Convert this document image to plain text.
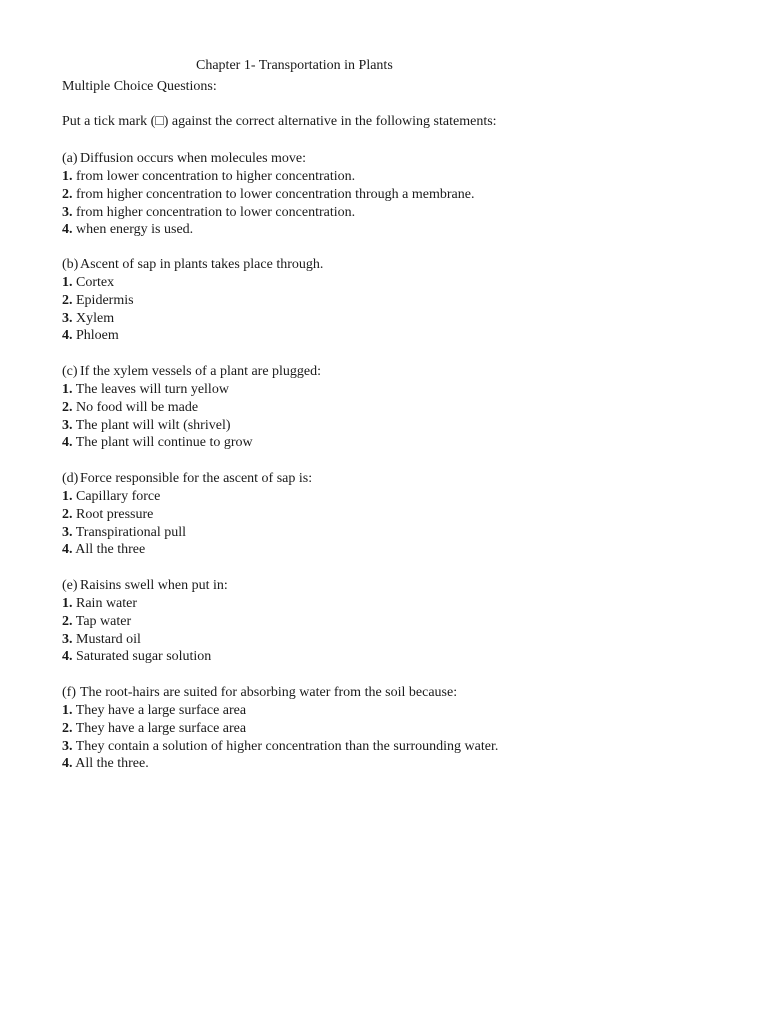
Chapter 1- Transportation in Plants
Multiple Choice Questions:
Put a tick mark (□) against the correct alternative in the following statements:
(a) Diffusion occurs when molecules move:
1. from lower concentration to higher concentration.
2. from higher concentration to lower concentration through a membrane.
3. from higher concentration to lower concentration.
4. when energy is used.
(b) Ascent of sap in plants takes place through.
1. Cortex
2. Epidermis
3. Xylem
4. Phloem
(c) If the xylem vessels of a plant are plugged:
1. The leaves will turn yellow
2. No food will be made
3. The plant will wilt (shrivel)
4. The plant will continue to grow
(d) Force responsible for the ascent of sap is:
1. Capillary force
2. Root pressure
3. Transpirational pull
4. All the three
(e) Raisins swell when put in:
1. Rain water
2. Tap water
3. Mustard oil
4. Saturated sugar solution
(f) The root-hairs are suited for absorbing water from the soil because:
1. They have a large surface area
2. They have a large surface area
3. They contain a solution of higher concentration than the surrounding water.
4. All the three.
